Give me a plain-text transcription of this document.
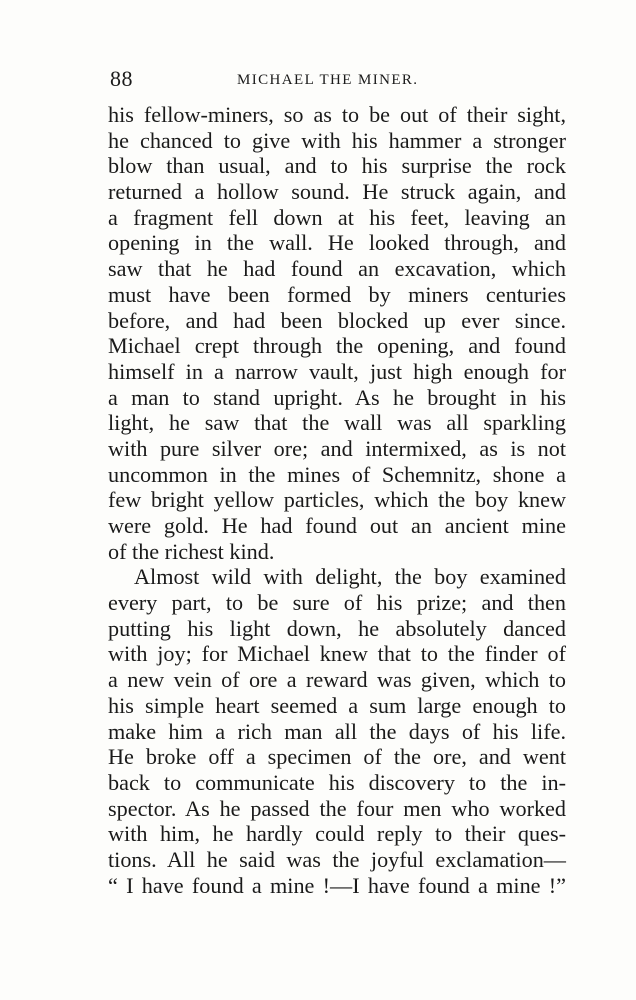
88	MICHAEL THE MINER.
his fellow-miners, so as to be out of their sight,
he chanced to give with his hammer a stronger
blow than usual, and to his surprise the rock
returned a hollow sound. He struck again, and
a fragment fell down at his feet, leaving an
opening in the wall. He looked through, and
saw that he had found an excavation, which
must have been formed by miners centuries
before, and had been blocked up ever since.
Michael crept through the opening, and found
himself in a narrow vault, just high enough for
a man to stand upright. As he brought in his
light, he saw that the wall was all sparkling
with pure silver ore; and intermixed, as is not
uncommon in the mines of Schemnitz, shone a
few bright yellow particles, which the boy knew
were gold. He had found out an ancient mine
of the richest kind.
Almost wild with delight, the boy examined
every part, to be sure of his prize; and then
putting his light down, he absolutely danced
with joy; for Michael knew that to the finder of
a new vein of ore a reward was given, which to
his simple heart seemed a sum large enough to
make him a rich man all the days of his life.
He broke off a specimen of the ore, and went
back to communicate his discovery to the in-
spector. As he passed the four men who worked
with him, he hardly could reply to their ques-
tions. All he said was the joyful exclamation—
“ I have found a mine !—I have found a mine !”
